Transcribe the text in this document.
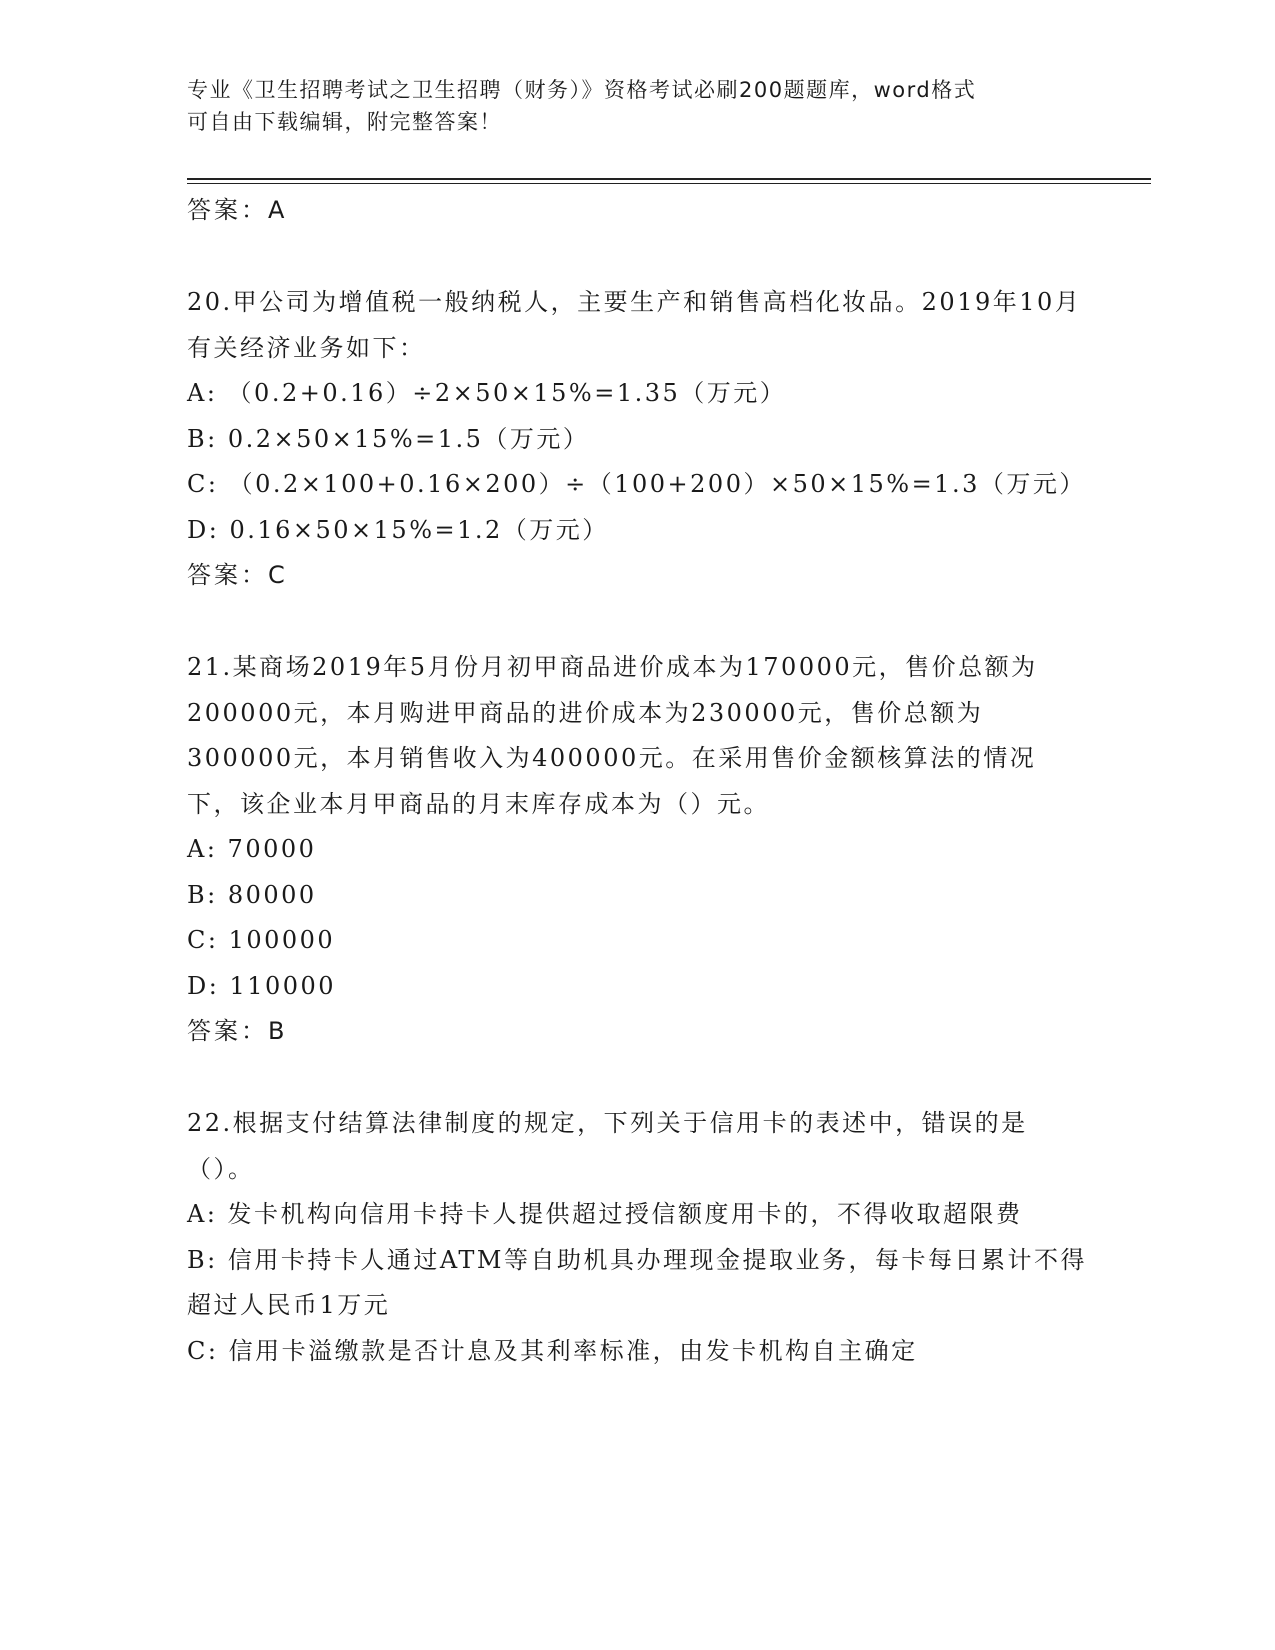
专业《卫生招聘考试之卫生招聘（财务）》资格考试必刷200题题库，word格式
可自由下载编辑，附完整答案！
答案：A
20.甲公司为增值税一般纳税人，主要生产和销售高档化妆品。2019年10月有关经济业务如下：
A: （0.2+0.16）÷2×50×15%=1.35（万元）
B: 0.2×50×15%=1.5（万元）
C: （0.2×100+0.16×200）÷（100+200）×50×15%=1.3（万元）
D: 0.16×50×15%=1.2（万元）
答案：C
21.某商场2019年5月份月初甲商品进价成本为170000元，售价总额为200000元，本月购进甲商品的进价成本为230000元，售价总额为300000元，本月销售收入为400000元。在采用售价金额核算法的情况下，该企业本月甲商品的月末库存成本为（）元。
A: 70000
B: 80000
C: 100000
D: 110000
答案：B
22.根据支付结算法律制度的规定，下列关于信用卡的表述中，错误的是（）。
A: 发卡机构向信用卡持卡人提供超过授信额度用卡的，不得收取超限费
B: 信用卡持卡人通过ATM等自助机具办理现金提取业务，每卡每日累计不得超过人民币1万元
C: 信用卡溢缴款是否计息及其利率标准，由发卡机构自主确定
